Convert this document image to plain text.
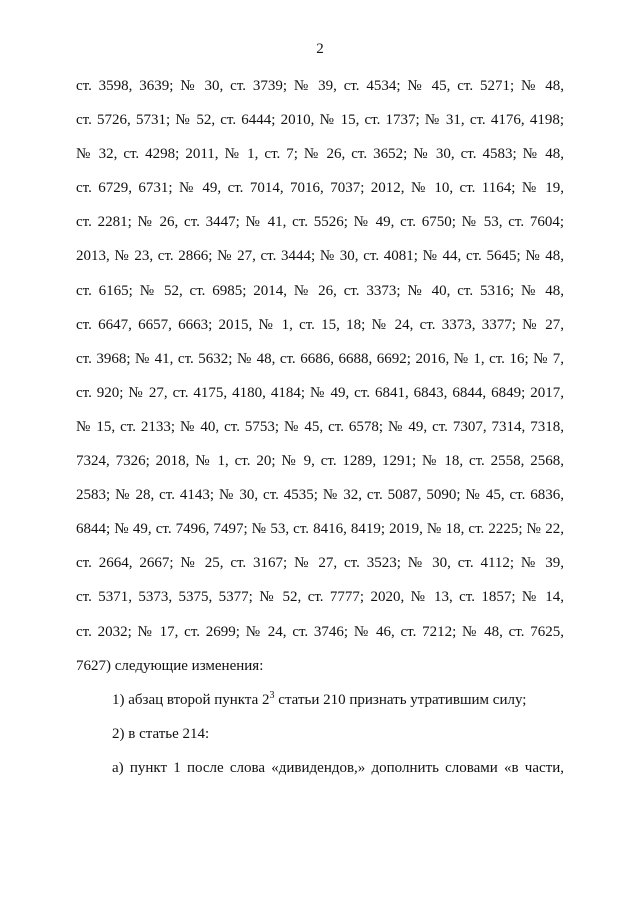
2
ст. 3598, 3639; № 30, ст. 3739; № 39, ст. 4534; № 45, ст. 5271; № 48,
ст. 5726, 5731; № 52, ст. 6444; 2010, № 15, ст. 1737; № 31, ст. 4176, 4198;
№ 32, ст. 4298; 2011, № 1, ст. 7; № 26, ст. 3652; № 30, ст. 4583; № 48,
ст. 6729, 6731; № 49, ст. 7014, 7016, 7037; 2012, № 10, ст. 1164; № 19,
ст. 2281; № 26, ст. 3447; № 41, ст. 5526; № 49, ст. 6750; № 53, ст. 7604;
2013, № 23, ст. 2866; № 27, ст. 3444; № 30, ст. 4081; № 44, ст. 5645; № 48,
ст. 6165; № 52, ст. 6985; 2014, № 26, ст. 3373; № 40, ст. 5316; № 48,
ст. 6647, 6657, 6663; 2015, № 1, ст. 15, 18; № 24, ст. 3373, 3377; № 27,
ст. 3968; № 41, ст. 5632; № 48, ст. 6686, 6688, 6692; 2016, № 1, ст. 16; № 7,
ст. 920; № 27, ст. 4175, 4180, 4184; № 49, ст. 6841, 6843, 6844, 6849; 2017,
№ 15, ст. 2133; № 40, ст. 5753; № 45, ст. 6578; № 49, ст. 7307, 7314, 7318,
7324, 7326; 2018, № 1, ст. 20; № 9, ст. 1289, 1291; № 18, ст. 2558, 2568,
2583; № 28, ст. 4143; № 30, ст. 4535; № 32, ст. 5087, 5090; № 45, ст. 6836,
6844; № 49, ст. 7496, 7497; № 53, ст. 8416, 8419; 2019, № 18, ст. 2225; № 22,
ст. 2664, 2667; № 25, ст. 3167; № 27, ст. 3523; № 30, ст. 4112; № 39,
ст. 5371, 5373, 5375, 5377; № 52, ст. 7777; 2020, № 13, ст. 1857; № 14,
ст. 2032; № 17, ст. 2699; № 24, ст. 3746; № 46, ст. 7212; № 48, ст. 7625,
7627) следующие изменения:
1) абзац второй пункта $2^3$ статьи 210 признать утратившим силу;
2) в статье 214:
а) пункт 1 после слова «дивидендов,» дополнить словами «в части,
